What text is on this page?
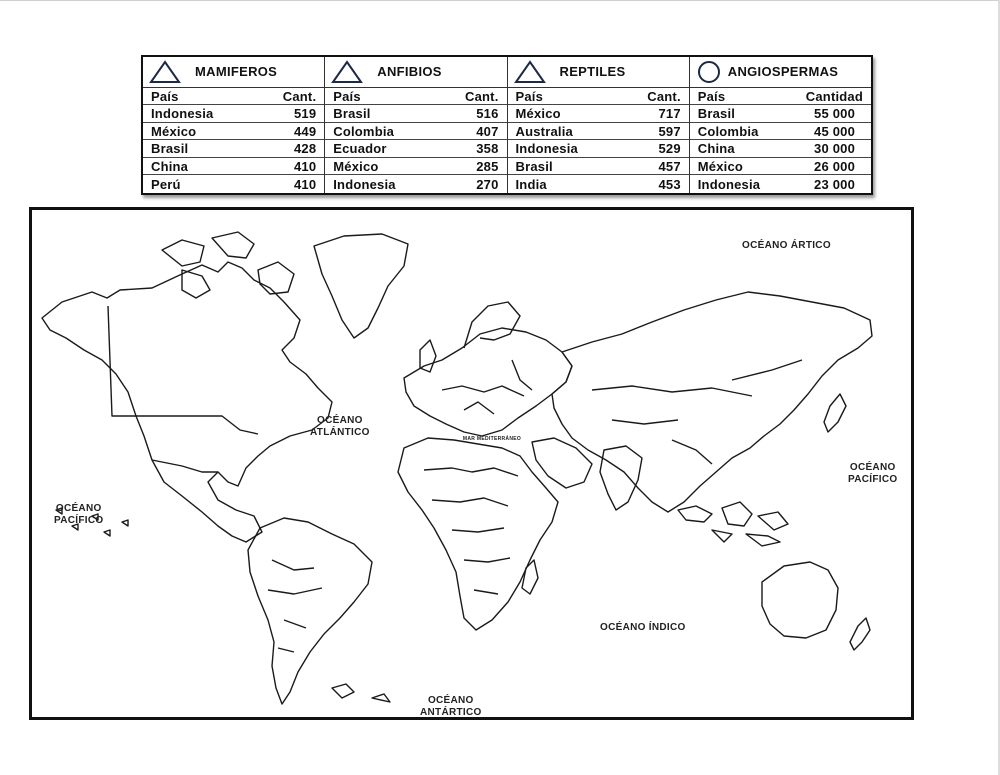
MAMIFEROS
País	Cant.
Indonesia	519
México	449
Brasil	428
China	410
Perú	410
ANFIBIOS
País	Cant.
Brasil	516
Colombia	407
Ecuador	358
México	285
Indonesia	270
REPTILES
País	Cant.
México	717
Australia	597
Indonesia	529
Brasil	457
India	453
ANGIOSPERMAS
País	Cantidad
Brasil	55 000
Colombia	45 000
China	30 000
México	26 000
Indonesia	23 000
OCÉANO ÁRTICO
OCÉANO
ATLÁNTICO
OCÉANO
PACÍFICO
OCÉANO
PACÍFICO
OCÉANO ÍNDICO
OCÉANO
ANTÁRTICO
MAR MEDITERRÁNEO
